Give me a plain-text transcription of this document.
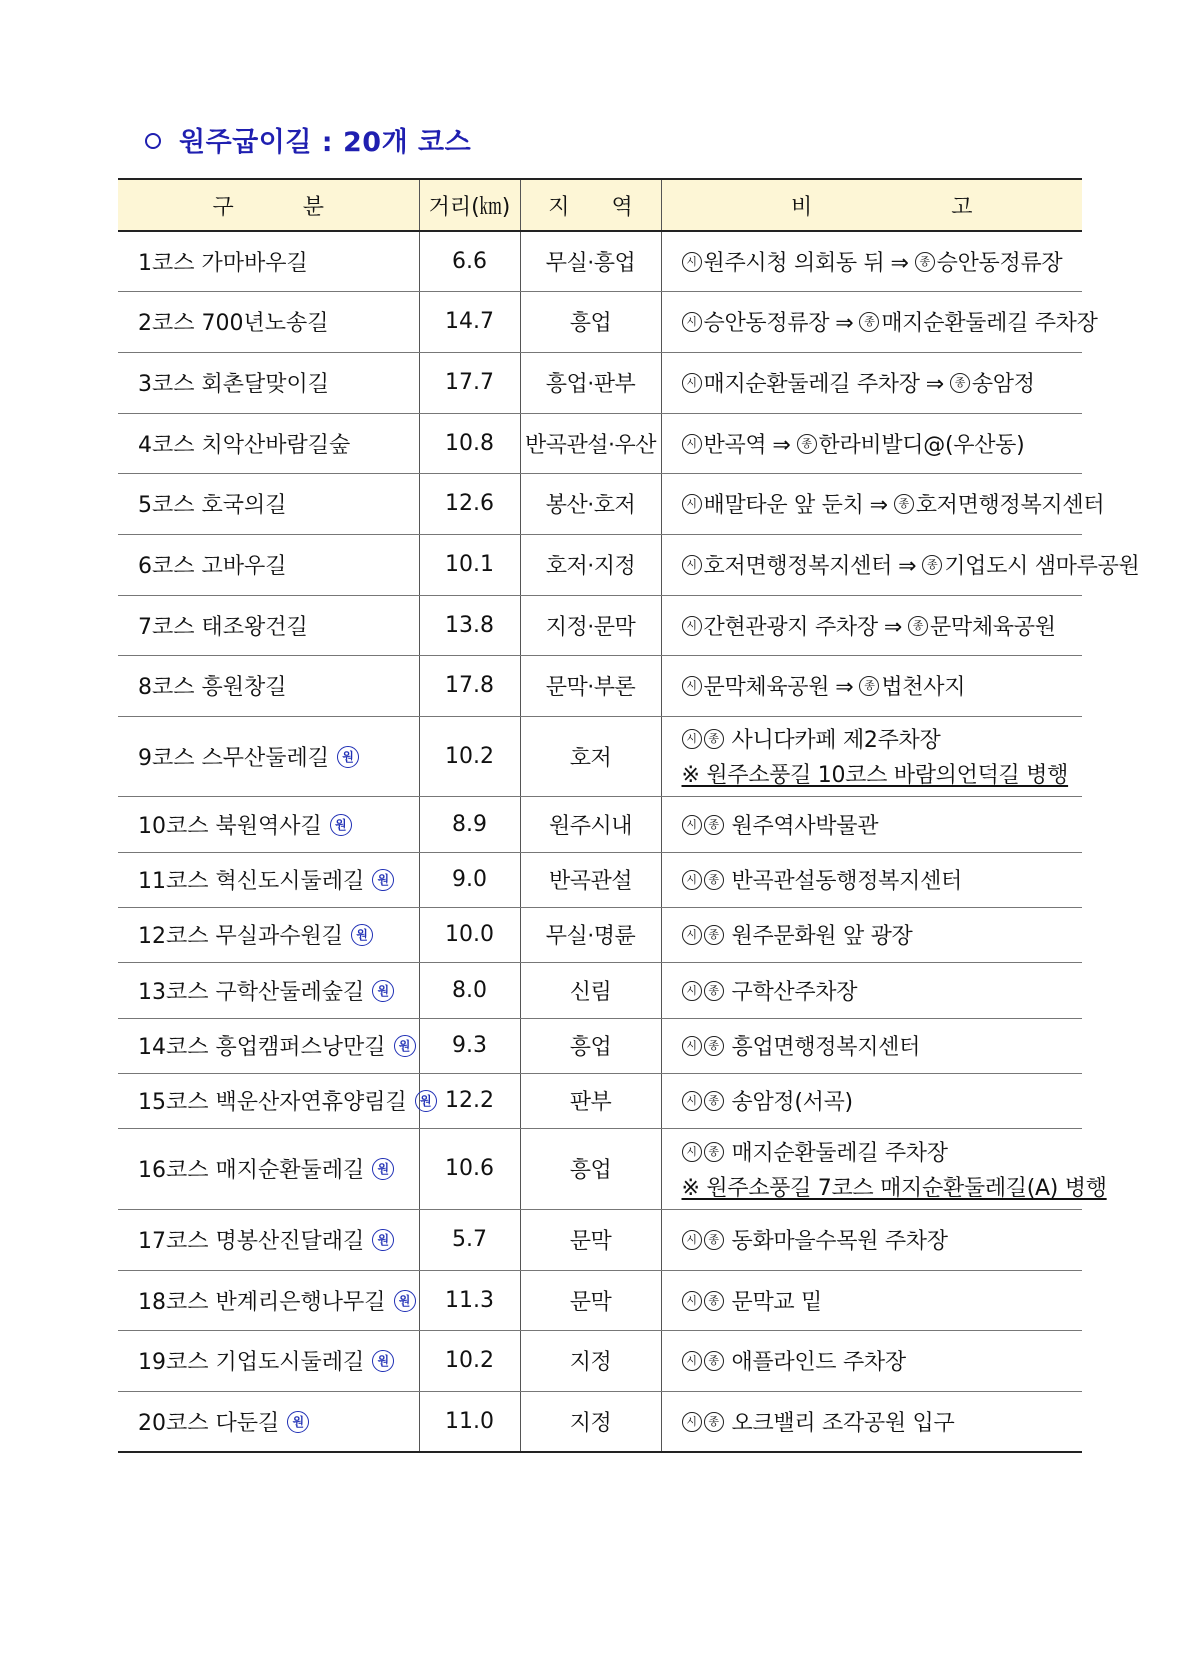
원주굽이길 : 20개 코스
구 분	거리(㎞)	지 역	비 고

1코스 가마바우길	6.6	무실·흥업	시 원주시청 의회동 뒤 ⇒ 종 승안동정류장

2코스 700년노송길	14.7	흥업	시 승안동정류장 ⇒ 종 매지순환둘레길 주차장

3코스 회촌달맞이길	17.7	흥업·판부	시 매지순환둘레길 주차장 ⇒ 종 송암정

4코스 치악산바람길숲	10.8	반곡관설·우산	시 반곡역 ⇒ 종 한라비발디@(우산동)

5코스 호국의길	12.6	봉산·호저	시 배말타운 앞 둔치 ⇒ 종 호저면행정복지센터

6코스 고바우길	10.1	호저·지정	시 호저면행정복지센터 ⇒ 종 기업도시 샘마루공원

7코스 태조왕건길	13.8	지정·문막	시 간현관광지 주차장 ⇒ 종 문막체육공원

8코스 흥원창길	17.8	문막·부론	시 문막체육공원 ⇒ 종 법천사지

9코스 스무산둘레길 원	10.2	호저	시 종 사니다카페 제2주차장
※ 원주소풍길 10코스 바람의언덕길 병행

10코스 북원역사길 원	8.9	원주시내	시 종 원주역사박물관

11코스 혁신도시둘레길 원	9.0	반곡관설	시 종 반곡관설동행정복지센터

12코스 무실과수원길 원	10.0	무실·명륜	시 종 원주문화원 앞 광장

13코스 구학산둘레숲길 원	8.0	신림	시 종 구학산주차장

14코스 흥업캠퍼스낭만길 원	9.3	흥업	시 종 흥업면행정복지센터

15코스 백운산자연휴양림길 원	12.2	판부	시 종 송암정(서곡)

16코스 매지순환둘레길 원	10.6	흥업	시 종 매지순환둘레길 주차장
※ 원주소풍길 7코스 매지순환둘레길(A) 병행

17코스 명봉산진달래길 원	5.7	문막	시 종 동화마을수목원 주차장

18코스 반계리은행나무길 원	11.3	문막	시 종 문막교 밑

19코스 기업도시둘레길 원	10.2	지정	시 종 애플라인드 주차장

20코스 다둔길 원	11.0	지정	시 종 오크밸리 조각공원 입구
